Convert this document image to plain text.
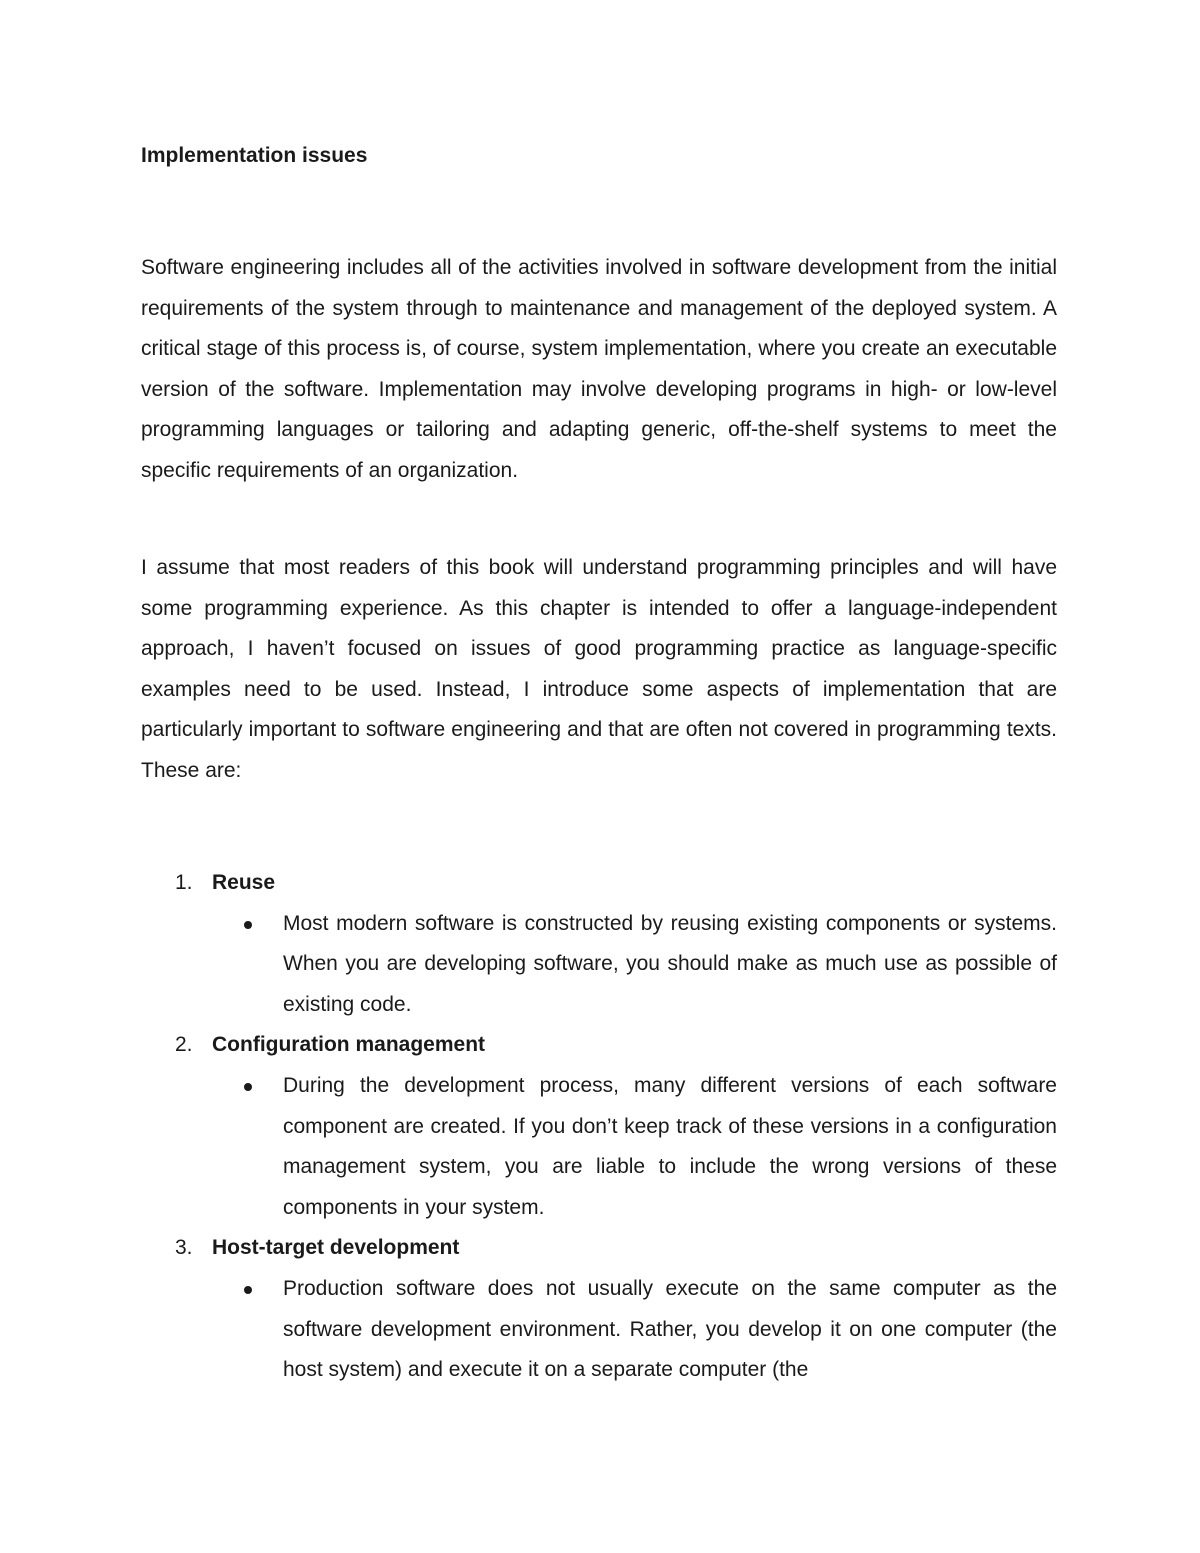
Implementation issues

Software engineering includes all of the activities involved in software development from the initial requirements of the system through to maintenance and management of the deployed system. A critical stage of this process is, of course, system implementation, where you create an executable version of the software. Implementation may involve developing programs in high- or low-level programming languages or tailoring and adapting generic, off-the-shelf systems to meet the specific requirements of an organization.

I assume that most readers of this book will understand programming principles and will have some programming experience. As this chapter is intended to offer a language-independent approach, I haven’t focused on issues of good programming practice as language-specific examples need to be used. Instead, I introduce some aspects of implementation that are particularly important to software engineering and that are often not covered in programming texts. These are:

1. Reuse
Most modern software is constructed by reusing existing components or systems. When you are developing software, you should make as much use as possible of existing code.
2. Configuration management
During the development process, many different versions of each software component are created. If you don’t keep track of these versions in a configuration management system, you are liable to include the wrong versions of these components in your system.
3. Host-target development
Production software does not usually execute on the same computer as the software development environment. Rather, you develop it on one computer (the host system) and execute it on a separate computer (the
